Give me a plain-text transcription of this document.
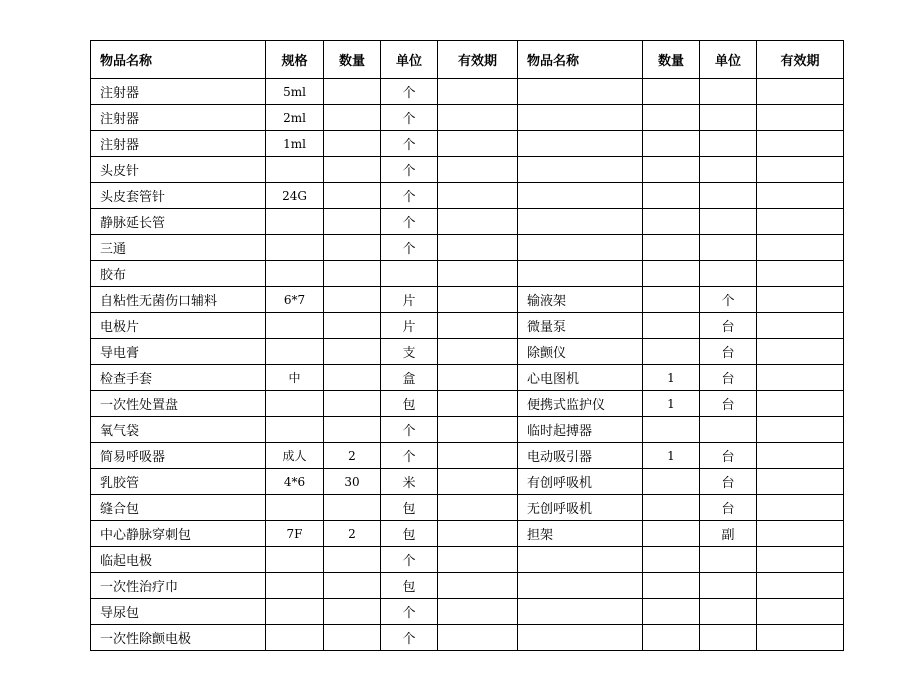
物品名称	规格	数量	单位	有效期	物品名称	数量	单位	有效期
注射器	5ml		个					
注射器	2ml		个					
注射器	1ml		个					
头皮针			个					
头皮套管针	24G		个					
静脉延长管			个					
三通			个					
胶布								
自粘性无菌伤口辅料	6*7		片		输液架		个	
电极片			片		微量泵		台	
导电膏			支		除颤仪		台	
检查手套	中		盒		心电图机	1	台	
一次性处置盘			包		便携式监护仪	1	台	
氧气袋			个		临时起搏器			
简易呼吸器	成人	2	个		电动吸引器	1	台	
乳胶管	4*6	30	米		有创呼吸机		台	
缝合包			包		无创呼吸机		台	
中心静脉穿刺包	7F	2	包		担架		副	
临起电极			个					
一次性治疗巾			包					
导尿包			个					
一次性除颤电极			个					
